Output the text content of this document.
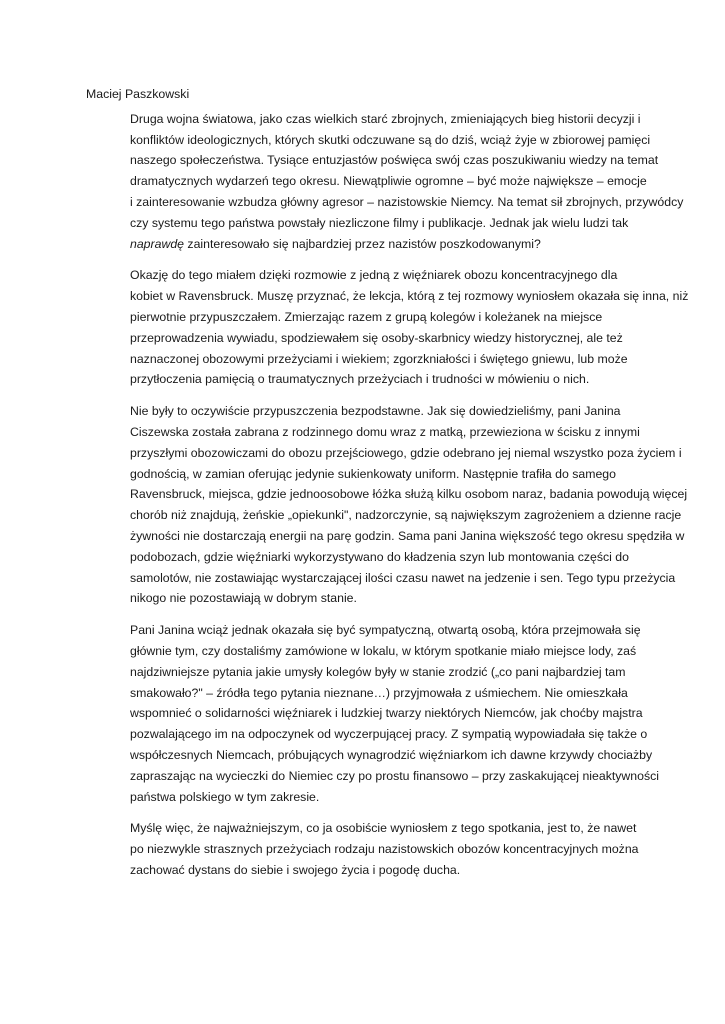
Maciej Paszkowski

Druga wojna światowa, jako czas wielkich starć zbrojnych, zmieniających bieg historii decyzji i
konfliktów ideologicznych, których skutki odczuwane są do dziś, wciąż żyje w zbiorowej pamięci
naszego społeczeństwa. Tysiące entuzjastów poświęca swój czas poszukiwaniu wiedzy na temat
dramatycznych wydarzeń tego okresu. Niewątpliwie ogromne – być może największe – emocje
i zainteresowanie wzbudza główny agresor – nazistowskie Niemcy. Na temat sił zbrojnych, przywódcy
czy systemu tego państwa powstały niezliczone filmy i publikacje. Jednak jak wielu ludzi tak
naprawdę zainteresowało się najbardziej przez nazistów poszkodowanymi?

Okazję do tego miałem dzięki rozmowie z jedną z więźniarek obozu koncentracyjnego dla
kobiet w Ravensbruck. Muszę przyznać, że lekcja, którą z tej rozmowy wyniosłem okazała się inna, niż
pierwotnie przypuszczałem. Zmierzając razem z grupą kolegów i koleżanek na miejsce
przeprowadzenia wywiadu, spodziewałem się osoby-skarbnicy wiedzy historycznej, ale też
naznaczonej obozowymi przeżyciami i wiekiem; zgorzkniałości i świętego gniewu, lub może
przytłoczenia pamięcią o traumatycznych przeżyciach i trudności w mówieniu o nich.

Nie były to oczywiście przypuszczenia bezpodstawne. Jak się dowiedzieliśmy, pani Janina
Ciszewska została zabrana z rodzinnego domu wraz z matką, przewieziona w ścisku z innymi
przyszłymi obozowiczami do obozu przejściowego, gdzie odebrano jej niemal wszystko poza życiem i
godnością, w zamian oferując jedynie sukienkowaty uniform. Następnie trafiła do samego
Ravensbruck, miejsca, gdzie jednoosobowe łóżka służą kilku osobom naraz, badania powodują więcej
chorób niż znajdują, żeńskie „opiekunki", nadzorczynie, są największym zagrożeniem a dzienne racje
żywności nie dostarczają energii na parę godzin. Sama pani Janina większość tego okresu spędziła w
podobozach, gdzie więźniarki wykorzystywano do kładzenia szyn lub montowania części do
samolotów, nie zostawiając wystarczającej ilości czasu nawet na jedzenie i sen. Tego typu przeżycia
nikogo nie pozostawiają w dobrym stanie.

Pani Janina wciąż jednak okazała się być sympatyczną, otwartą osobą, która przejmowała się
głównie tym, czy dostaliśmy zamówione w lokalu, w którym spotkanie miało miejsce lody, zaś
najdziwniejsze pytania jakie umysły kolegów były w stanie zrodzić („co pani najbardziej tam
smakowało?" – źródła tego pytania nieznane…) przyjmowała z uśmiechem. Nie omieszkała
wspomnieć o solidarności więźniarek i ludzkiej twarzy niektórych Niemców, jak choćby majstra
pozwalającego im na odpoczynek od wyczerpującej pracy. Z sympatią wypowiadała się także o
współczesnych Niemcach, próbujących wynagrodzić więźniarkom ich dawne krzywdy chociażby
zapraszając na wycieczki do Niemiec czy po prostu finansowo – przy zaskakującej nieaktywności
państwa polskiego w tym zakresie.

Myślę więc, że najważniejszym, co ja osobiście wyniosłem z tego spotkania, jest to, że nawet
po niezwykle strasznych przeżyciach rodzaju nazistowskich obozów koncentracyjnych można
zachować dystans do siebie i swojego życia i pogodę ducha.
